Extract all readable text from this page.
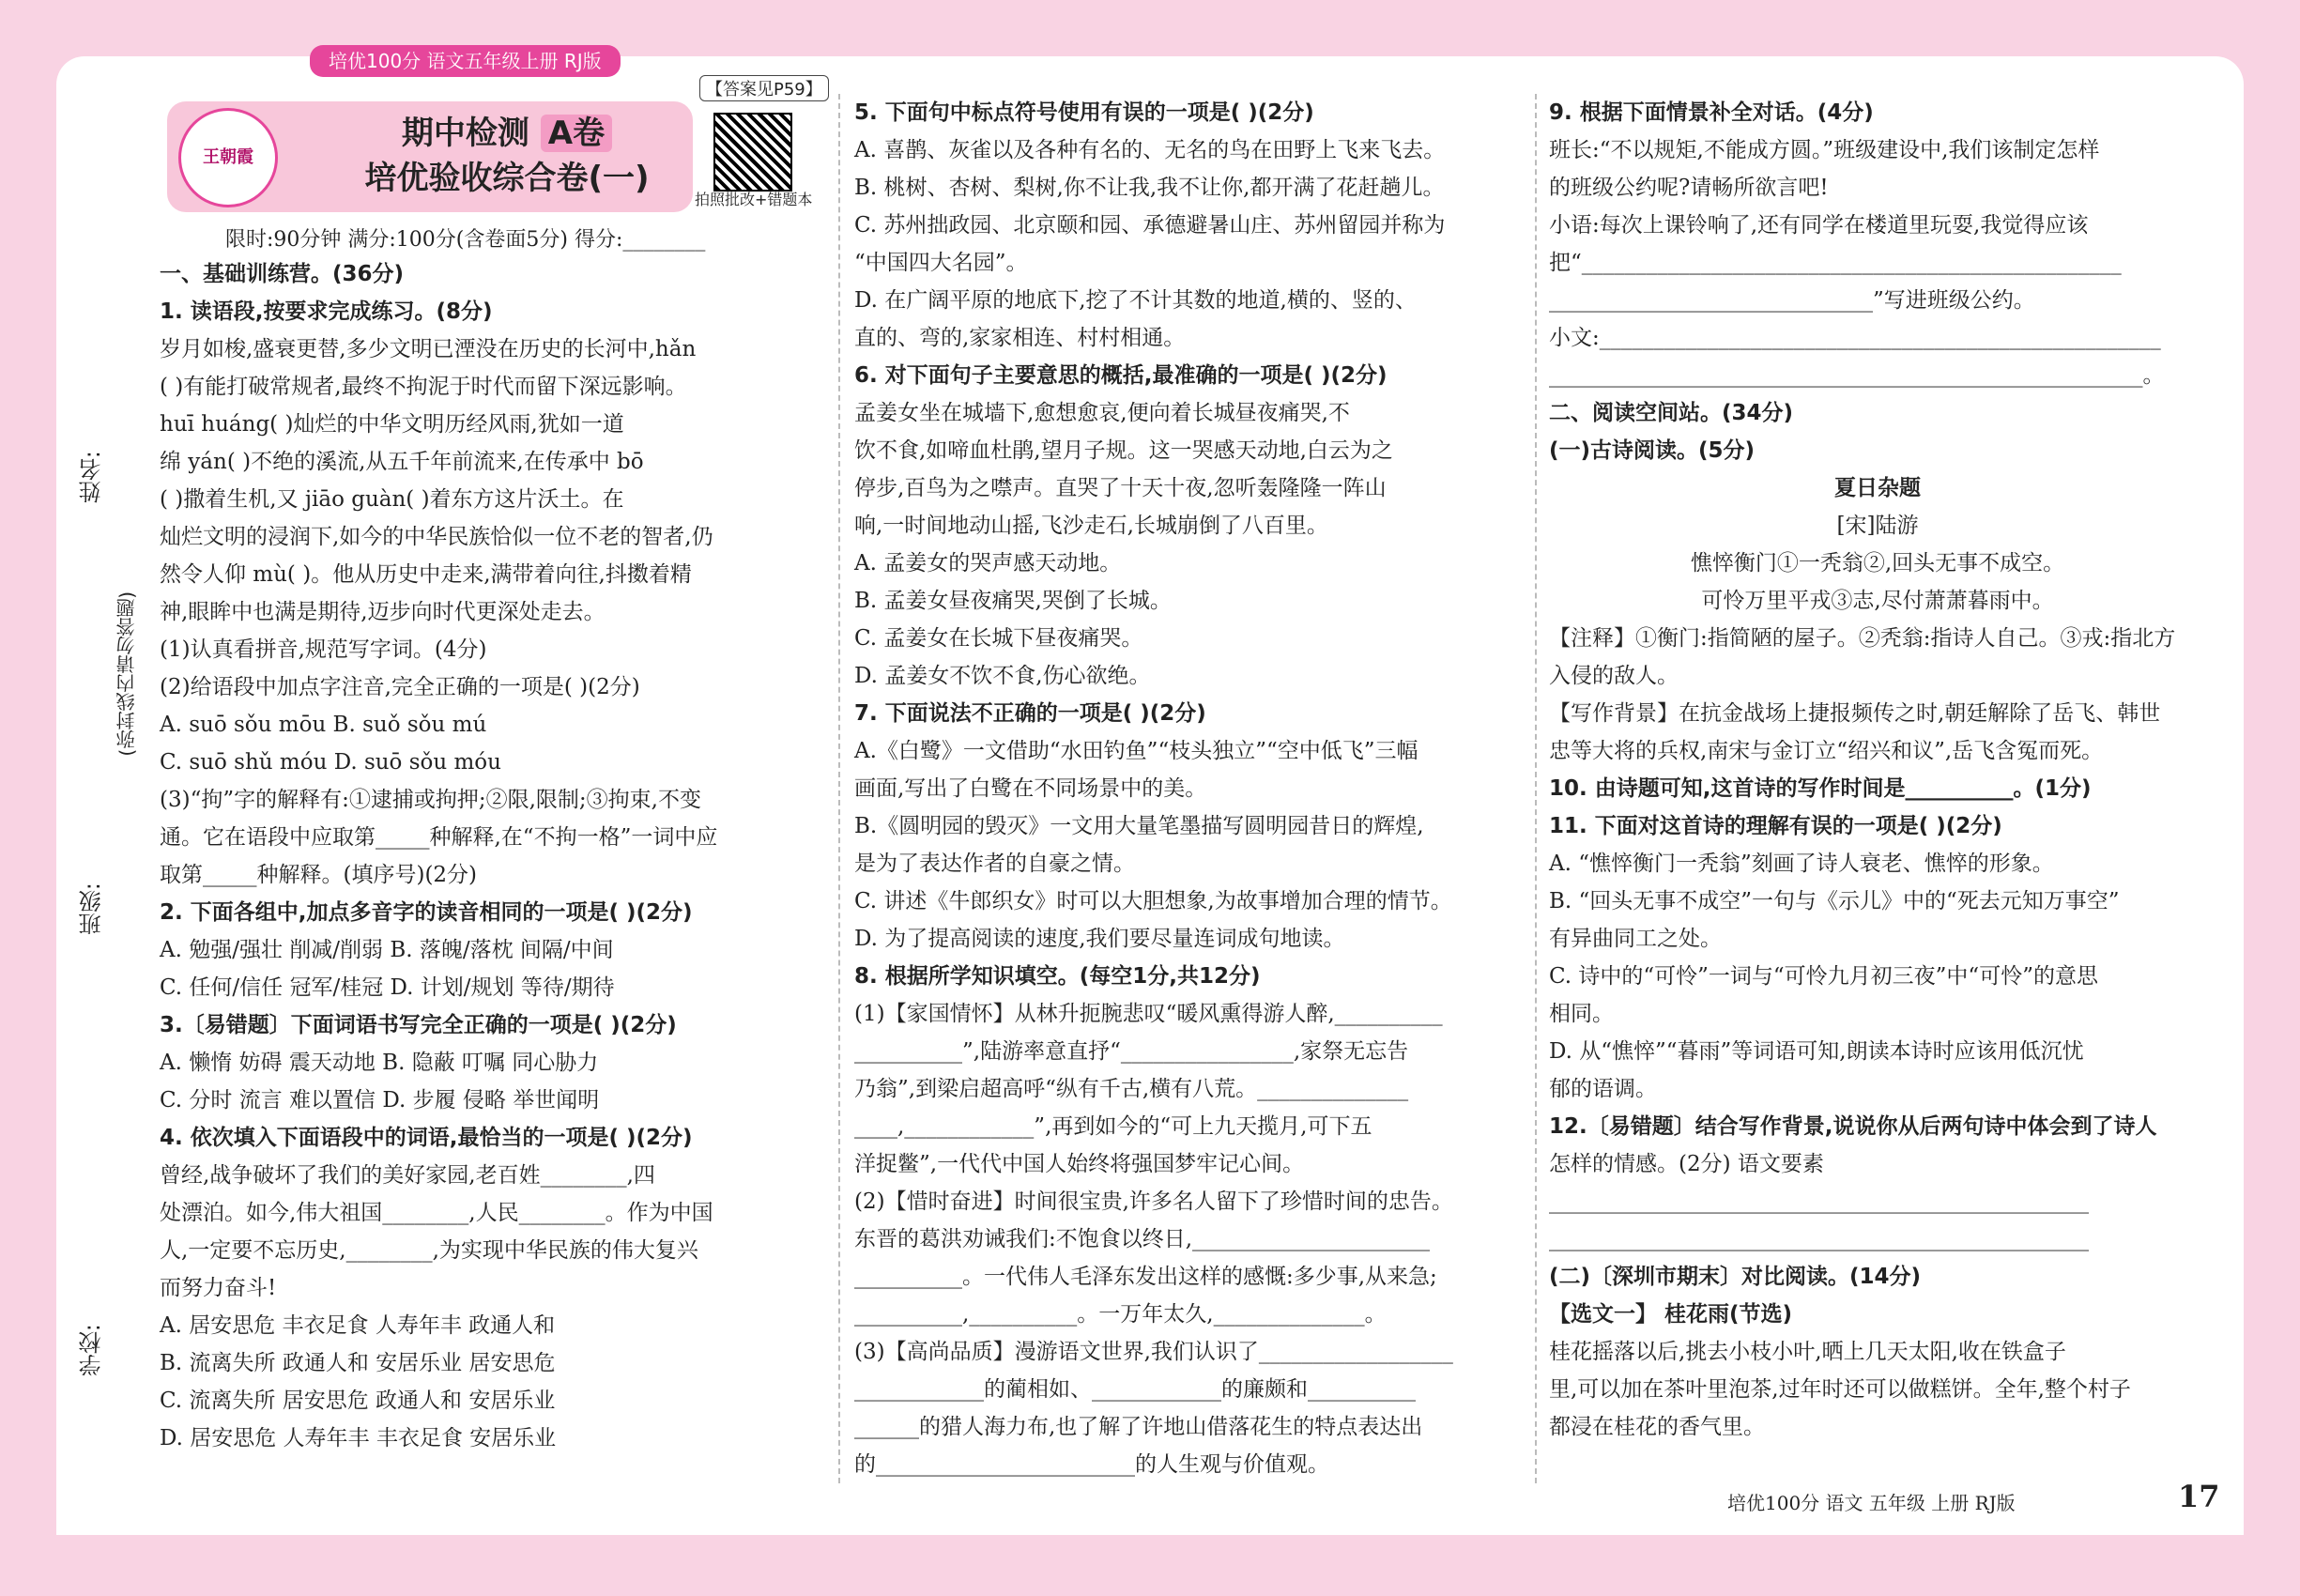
培优100分 语文五年级上册 RJ版
姓名:
班级:
学校:
(弥封线内请勿答题)
王朝霞
期中检测 A卷
培优验收综合卷(一)
【答案见P59】
拍照批改+错题本
限时:90分钟 满分:100分(含卷面5分) 得分:________
一、基础训练营。(36分)
1. 读语段,按要求完成练习。(8分)
岁月如梭,盛衰更替,多少文明已湮没在历史的长河中,hǎn
( )有能打破常规者,最终不拘泥于时代而留下深远影响。
huī huáng( )灿烂的中华文明历经风雨,犹如一道
绵 yán( )不绝的溪流,从五千年前流来,在传承中 bō
( )撒着生机,又 jiāo guàn( )着东方这片沃土。在
灿烂文明的浸润下,如今的中华民族恰似一位不老的智者,仍
然令人仰 mù( )。他从历史中走来,满带着向往,抖擞着精
神,眼眸中也满是期待,迈步向时代更深处走去。
(1)认真看拼音,规范写字词。(4分)
(2)给语段中加点字注音,完全正确的一项是( )(2分)
A. suō sǒu mōu B. suǒ sǒu mú
C. suō shǔ móu D. suō sǒu móu
(3)“拘”字的解释有:①逮捕或拘押;②限,限制;③拘束,不变
通。它在语段中应取第_____种解释,在“不拘一格”一词中应
取第_____种解释。(填序号)(2分)
2. 下面各组中,加点多音字的读音相同的一项是( )(2分)
A. 勉强/强壮 削减/削弱 B. 落魄/落枕 间隔/中间
C. 任何/信任 冠军/桂冠 D. 计划/规划 等待/期待
3.〔易错题〕下面词语书写完全正确的一项是( )(2分)
A. 懒惰 妨碍 震天动地 B. 隐蔽 叮嘱 同心胁力
C. 分时 流言 难以置信 D. 步履 侵略 举世闻明
4. 依次填入下面语段中的词语,最恰当的一项是( )(2分)
曾经,战争破坏了我们的美好家园,老百姓________,四
处漂泊。如今,伟大祖国________,人民________。作为中国
人,一定要不忘历史,________,为实现中华民族的伟大复兴
而努力奋斗!
A. 居安思危 丰衣足食 人寿年丰 政通人和
B. 流离失所 政通人和 安居乐业 居安思危
C. 流离失所 居安思危 政通人和 安居乐业
D. 居安思危 人寿年丰 丰衣足食 安居乐业
5. 下面句中标点符号使用有误的一项是( )(2分)
A. 喜鹊、灰雀以及各种有名的、无名的鸟在田野上飞来飞去。
B. 桃树、杏树、梨树,你不让我,我不让你,都开满了花赶趟儿。
C. 苏州拙政园、北京颐和园、承德避暑山庄、苏州留园并称为
“中国四大名园”。
D. 在广阔平原的地底下,挖了不计其数的地道,横的、竖的、
直的、弯的,家家相连、村村相通。
6. 对下面句子主要意思的概括,最准确的一项是( )(2分)
孟姜女坐在城墙下,愈想愈哀,便向着长城昼夜痛哭,不
饮不食,如啼血杜鹃,望月子规。这一哭感天动地,白云为之
停步,百鸟为之噤声。直哭了十天十夜,忽听轰隆隆一阵山
响,一时间地动山摇,飞沙走石,长城崩倒了八百里。
A. 孟姜女的哭声感天动地。
B. 孟姜女昼夜痛哭,哭倒了长城。
C. 孟姜女在长城下昼夜痛哭。
D. 孟姜女不饮不食,伤心欲绝。
7. 下面说法不正确的一项是( )(2分)
A.《白鹭》一文借助“水田钓鱼”“枝头独立”“空中低飞”三幅
画面,写出了白鹭在不同场景中的美。
B.《圆明园的毁灭》一文用大量笔墨描写圆明园昔日的辉煌,
是为了表达作者的自豪之情。
C. 讲述《牛郎织女》时可以大胆想象,为故事增加合理的情节。
D. 为了提高阅读的速度,我们要尽量连词成句地读。
8. 根据所学知识填空。(每空1分,共12分)
(1)【家国情怀】从林升扼腕悲叹“暖风熏得游人醉,__________
__________”,陆游率意直抒“________________,家祭无忘告
乃翁”,到梁启超高呼“纵有千古,横有八荒。______________
____,____________”,再到如今的“可上九天揽月,可下五
洋捉鳖”,一代代中国人始终将强国梦牢记心间。
(2)【惜时奋进】时间很宝贵,许多名人留下了珍惜时间的忠告。
东晋的葛洪劝诫我们:不饱食以终日,______________________
__________。一代伟人毛泽东发出这样的感慨:多少事,从来急;
__________,__________。一万年太久,______________。
(3)【高尚品质】漫游语文世界,我们认识了__________________
____________的蔺相如、____________的廉颇和__________
______的猎人海力布,也了解了许地山借落花生的特点表达出
的________________________的人生观与价值观。
9. 根据下面情景补全对话。(4分)
班长:“不以规矩,不能成方圆。”班级建设中,我们该制定怎样
的班级公约呢?请畅所欲言吧!
小语:每次上课铃响了,还有同学在楼道里玩耍,我觉得应该
把“__________________________________________________
______________________________”写进班级公约。
小文:____________________________________________________
_______________________________________________________。
二、阅读空间站。(34分)
(一)古诗阅读。(5分)
夏日杂题
[宋]陆游
憔悴衡门①一秃翁②,回头无事不成空。
可怜万里平戎③志,尽付萧萧暮雨中。
【注释】①衡门:指简陋的屋子。②秃翁:指诗人自己。③戎:指北方
入侵的敌人。
【写作背景】在抗金战场上捷报频传之时,朝廷解除了岳飞、韩世
忠等大将的兵权,南宋与金订立“绍兴和议”,岳飞含冤而死。
10. 由诗题可知,这首诗的写作时间是__________。(1分)
11. 下面对这首诗的理解有误的一项是( )(2分)
A. “憔悴衡门一秃翁”刻画了诗人衰老、憔悴的形象。
B. “回头无事不成空”一句与《示儿》中的“死去元知万事空”
有异曲同工之处。
C. 诗中的“可怜”一词与“可怜九月初三夜”中“可怜”的意思
相同。
D. 从“憔悴”“暮雨”等词语可知,朗读本诗时应该用低沉忧
郁的语调。
12.〔易错题〕结合写作背景,说说你从后两句诗中体会到了诗人
怎样的情感。(2分) 语文要素
__________________________________________________
__________________________________________________
(二)〔深圳市期末〕对比阅读。(14分)
【选文一】 桂花雨(节选)
桂花摇落以后,挑去小枝小叶,晒上几天太阳,收在铁盒子
里,可以加在茶叶里泡茶,过年时还可以做糕饼。全年,整个村子
都浸在桂花的香气里。
培优100分 语文 五年级 上册 RJ版	17
